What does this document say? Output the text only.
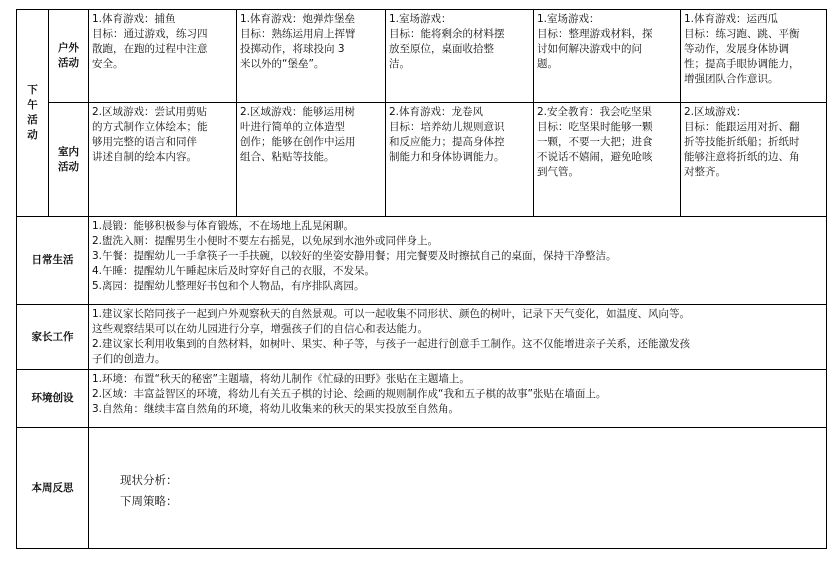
下
午
活
动	户外
活动	1.体育游戏：捕鱼
目标：通过游戏，练习四
散跑，在跑的过程中注意
安全。	1.体育游戏：炮弹炸堡垒
目标：熟练运用肩上挥臂
投掷动作，将球投向 3
米以外的“堡垒”。	1.室场游戏：
目标：能将剩余的材料摆
放至原位，桌面收拾整
洁。	1.室场游戏：
目标：整理游戏材料，探
讨如何解决游戏中的问
题。	1.体育游戏：运西瓜
目标：练习跑、跳、平衡
等动作，发展身体协调
性；提高手眼协调能力，
增强团队合作意识。

	室内
活动	2.区域游戏：尝试用剪贴
的方式制作立体绘本；能
够用完整的语言和同伴
讲述自制的绘本内容。	2.区域游戏：能够运用树
叶进行简单的立体造型
创作；能够在创作中运用
组合、粘贴等技能。	2.体育游戏：龙卷风
目标：培养幼儿规则意识
和反应能力；提高身体控
制能力和身体协调能力。	2.安全教育：我会吃坚果
目标：吃坚果时能够一颗
一颗，不要一大把；进食
不说话不嬉闹，避免呛咳
到气管。	2.区域游戏：
目标：能跟运用对折、翻
折等技能折纸船；折纸时
能够注意将折纸的边、角
对整齐。

日常生活		1.晨锻：能够积极参与体育锻炼，不在场地上乱晃闲聊。
2.盥洗入厕：提醒男生小便时不要左右摇晃，以免尿到水池外或同伴身上。
3.午餐：提醒幼儿一手拿筷子一手扶碗，以较好的坐姿安静用餐；用完餐要及时擦拭自己的桌面，保持干净整洁。
4.午睡：提醒幼儿午睡起床后及时穿好自己的衣服，不发呆。
5.离园：提醒幼儿整理好书包和个人物品，有序排队离园。				

家长工作		1.建议家长陪同孩子一起到户外观察秋天的自然景观。可以一起收集不同形状、颜色的树叶，记录下天气变化，如温度、风向等。
这些观察结果可以在幼儿园进行分享，增强孩子们的自信心和表达能力。
2.建议家长利用收集到的自然材料，如树叶、果实、种子等，与孩子一起进行创意手工制作。这不仅能增进亲子关系，还能激发孩
子们的创造力。				

环境创设		1.环境：布置“秋天的秘密”主题墙，将幼儿制作《忙碌的田野》张贴在主题墙上。
2.区域：丰富益智区的环境，将幼儿有关五子棋的讨论、绘画的规则制作成“我和五子棋的故事”张贴在墙面上。
3.自然角：继续丰富自然角的环境，将幼儿收集来的秋天的果实投放至自然角。				

本周反思		现状分析：
下周策略：				
